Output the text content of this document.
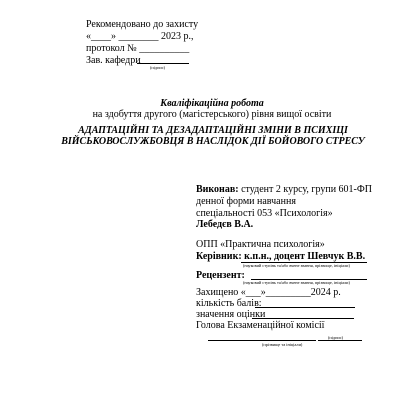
Рекомендовано до захисту
«____» ________ 2023 р.,
протокол № __________
Зав. кафедри
(підпис)
Кваліфікаційна робота
на здобуття другого (магістерського) рівня вищої освіти
АДАПТАЦІЙНІ ТА ДЕЗАДАПТАЦІЙНІ ЗМІНИ В ПСИХІЦІ
ВІЙСЬКОВОСЛУЖБОВЦЯ В НАСЛІДОК ДІЇ БОЙОВОГО СТРЕСУ
Виконав: студент 2 курсу, групи 601-ФП
денної форми навчання
спеціальності 053 «Психологія»
Лебедєв В.А.
ОПП «Практична психологія»
Керівник: к.п.н., доцент Шевчук В.В.
(науковий ступінь та/або вчене звання, прізвище, ініціали)
Рецензент:
(науковий ступінь та/або вчене звання, прізвище, ініціали)
Захищено «___»_________2024 р.
кількість балів:
значення оцінки
Голова Екзаменаційної комісії
(підпис)
(прізвище та ініціали)
